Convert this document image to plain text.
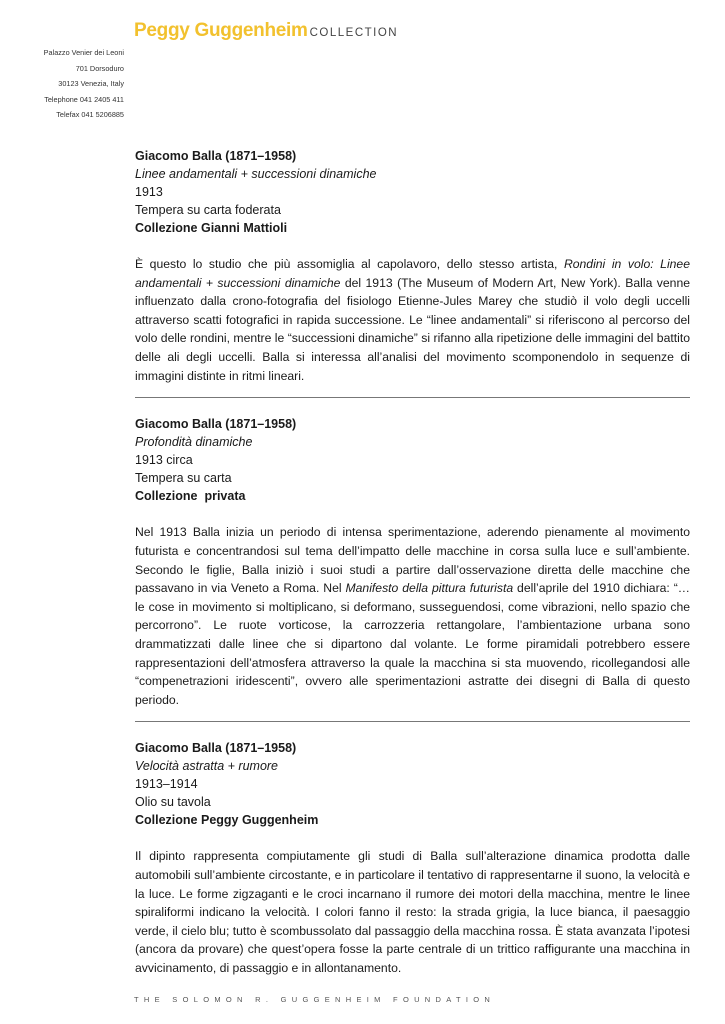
Peggy Guggenheim COLLECTION
Palazzo Venier dei Leoni
701 Dorsoduro
30123 Venezia, Italy
Telephone 041 2405 411
Telefax 041 5206885
Giacomo Balla (1871–1958)
Linee andamentali + successioni dinamiche
1913
Tempera su carta foderata
Collezione Gianni Mattioli

È questo lo studio che più assomiglia al capolavoro, dello stesso artista, Rondini in volo: Linee andamentali + successioni dinamiche del 1913 (The Museum of Modern Art, New York). Balla venne influenzato dalla crono-fotografia del fisiologo Etienne-Jules Marey che studiò il volo degli uccelli attraverso scatti fotografici in rapida successione. Le “linee andamentali” si riferiscono al percorso del volo delle rondini, mentre le “successioni dinamiche” si rifanno alla ripetizione delle immagini del battito delle ali degli uccelli. Balla si interessa all’analisi del movimento scomponendolo in sequenze di immagini distinte in ritmi lineari.

Giacomo Balla (1871–1958)
Profondità dinamiche
1913 circa
Tempera su carta
Collezione  privata

Nel 1913 Balla inizia un periodo di intensa sperimentazione, aderendo pienamente al movimento futurista e concentrandosi sul tema dell’impatto delle macchine in corsa sulla luce e sull’ambiente. Secondo le figlie, Balla iniziò i suoi studi a partire dall’osservazione diretta delle macchine che passavano in via Veneto a Roma. Nel Manifesto della pittura futurista dell’aprile del 1910 dichiara: “…le cose in movimento si moltiplicano, si deformano, susseguendosi, come vibrazioni, nello spazio che percorrono”. Le ruote vorticose, la carrozzeria rettangolare, l’ambientazione urbana sono drammatizzati dalle linee che si dipartono dal volante. Le forme piramidali potrebbero essere rappresentazioni dell’atmosfera attraverso la quale la macchina si sta muovendo, ricollegandosi alle “compenetrazioni iridescenti”, ovvero alle sperimentazioni astratte dei disegni di Balla di questo periodo.

Giacomo Balla (1871–1958)
Velocità astratta + rumore
1913–1914
Olio su tavola
Collezione Peggy Guggenheim

Il dipinto rappresenta compiutamente gli studi di Balla sull’alterazione dinamica prodotta dalle automobili sull’ambiente circostante, e in particolare il tentativo di rappresentarne il suono, la velocità e la luce. Le forme zigzaganti e le croci incarnano il rumore dei motori della macchina, mentre le linee spiraliformi indicano la velocità. I colori fanno il resto: la strada grigia, la luce bianca, il paesaggio verde, il cielo blu; tutto è scombussolato dal passaggio della macchina rossa. È stata avanzata l’ipotesi (ancora da provare) che quest’opera fosse la parte centrale di un trittico raffigurante una macchina in avvicinamento, di passaggio e in allontanamento.

THE SOLOMON R. GUGGENHEIM FOUNDATION
